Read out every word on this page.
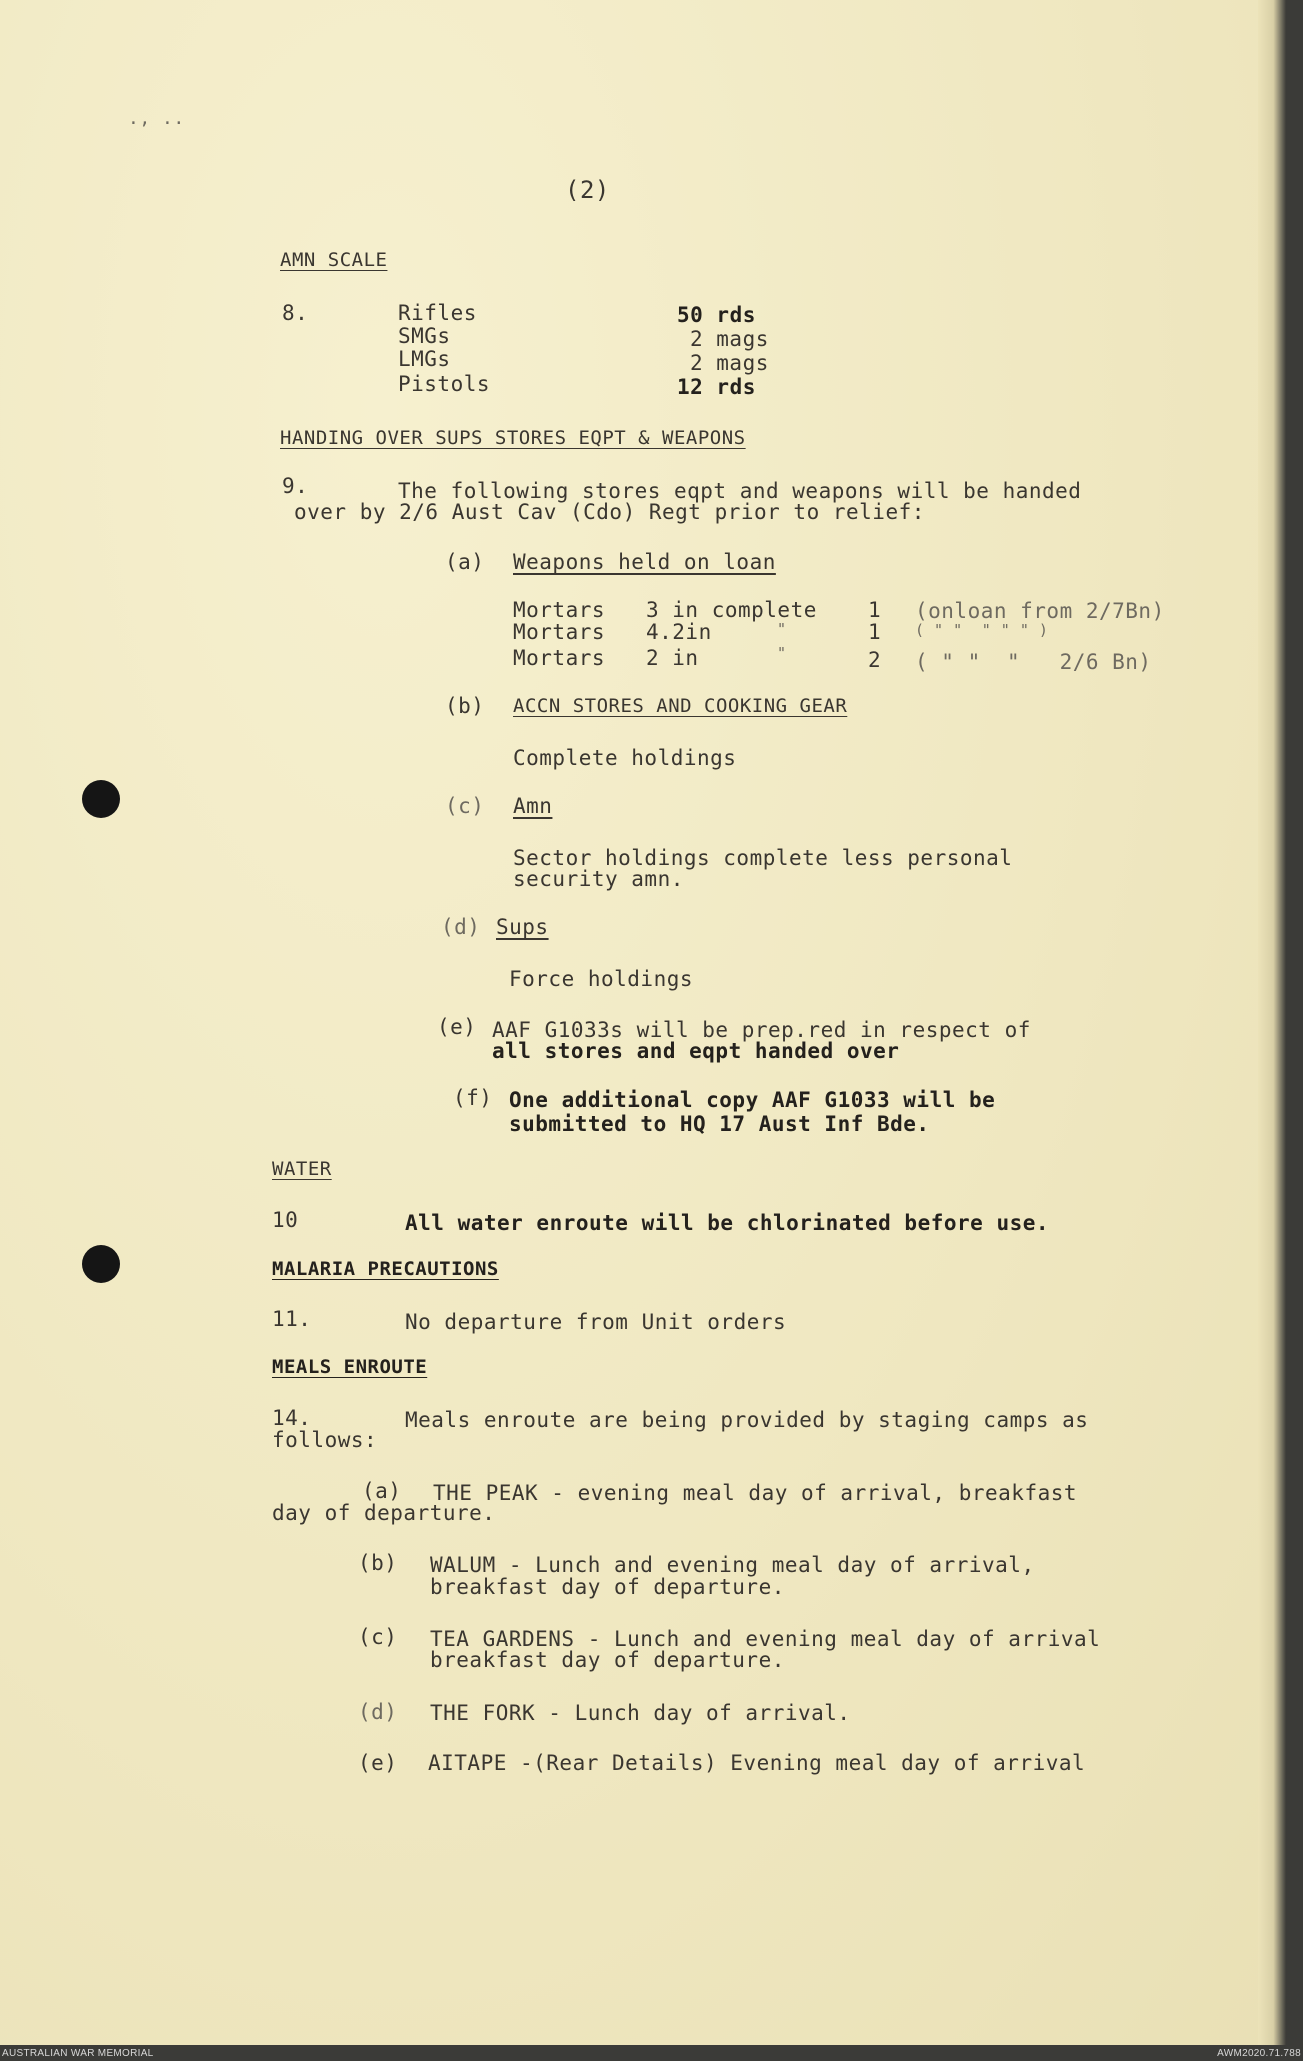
., ..
(2)
AMN SCALE
8.	Rifles	50 rds
SMGs	2 mags
LMGs	2 mags
Pistols	12 rds
HANDING OVER SUPS STORES EQPT & WEAPONS
9.	The following stores eqpt and weapons will be handed
over by 2/6 Aust Cav (Cdo) Regt prior to relief:
(a) Weapons held on loan
Mortars 3 in complete 1 (onloan from 2/7Bn)
Mortars 4.2in	"	1 ( " "  " " " )
Mortars 2 in	"	2 ( " "  "   2/6 Bn)
(b) ACCN STORES AND COOKING GEAR
Complete holdings
(c) Amn
Sector holdings complete less personal
security amn.
(d) Sups
Force holdings
(e) AAF G1033s will be prep.red in respect of
all stores and eqpt handed over
(f) One additional copy AAF G1033 will be
submitted to HQ 17 Aust Inf Bde.
WATER
10	All water enroute will be chlorinated before use.
MALARIA PRECAUTIONS
11.	No departure from Unit orders
MEALS ENROUTE
14.	Meals enroute are being provided by staging camps as
follows:
(a) THE PEAK - evening meal day of arrival, breakfast
day of departure.
(b) WALUM - Lunch and evening meal day of arrival,
breakfast day of departure.
(c) TEA GARDENS - Lunch and evening meal day of arrival
breakfast day of departure.
(d) THE FORK - Lunch day of arrival.
(e) AITAPE -(Rear Details) Evening meal day of arrival
AUSTRALIAN WAR MEMORIAL	AWM2020.71.788
